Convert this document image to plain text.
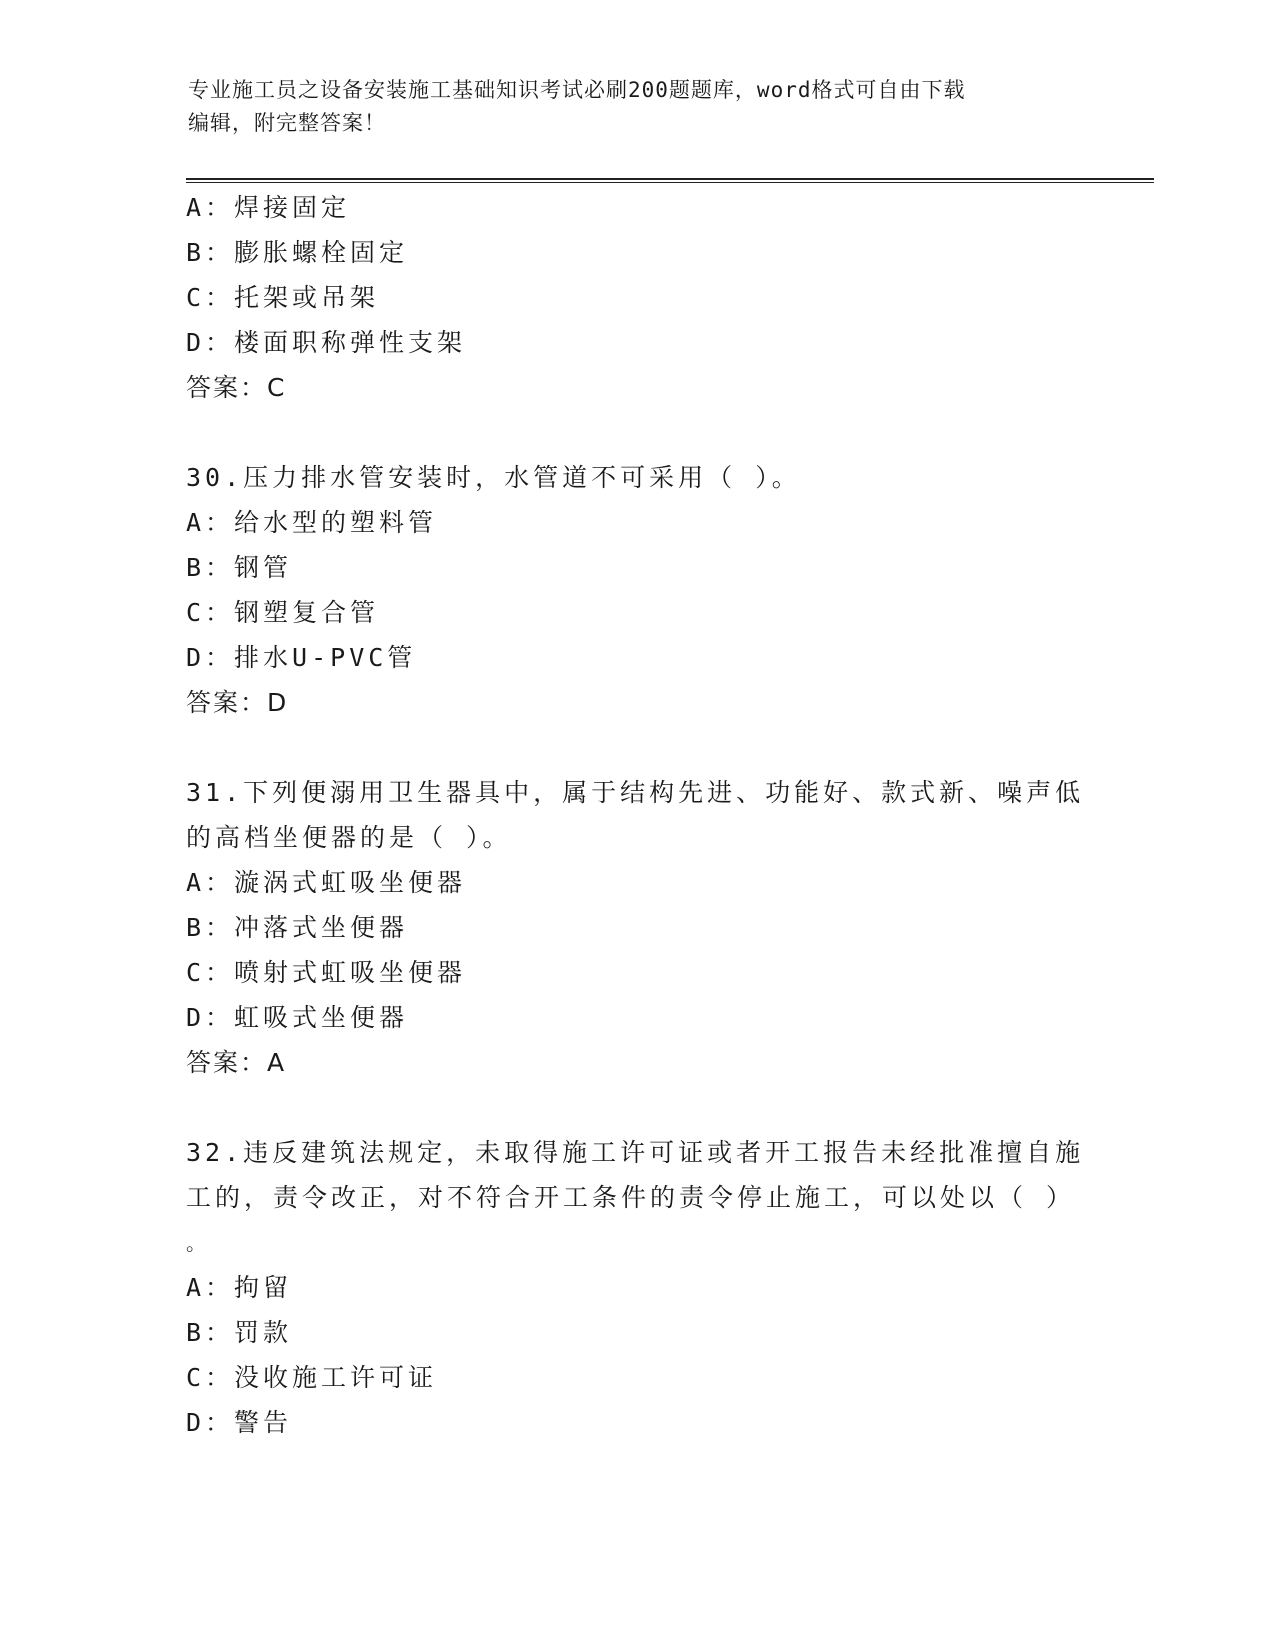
专业施工员之设备安装施工基础知识考试必刷200题题库，word格式可自由下载
编辑，附完整答案！
A：焊接固定
B：膨胀螺栓固定
C：托架或吊架
D：楼面职称弹性支架
答案：C
30.压力排水管安装时，水管道不可采用（ ）。
A：给水型的塑料管
B：钢管
C：钢塑复合管
D：排水U-PVC管
答案：D
31.下列便溺用卫生器具中，属于结构先进、功能好、款式新、噪声低
的高档坐便器的是（ ）。
A：漩涡式虹吸坐便器
B：冲落式坐便器
C：喷射式虹吸坐便器
D：虹吸式坐便器
答案：A
32.违反建筑法规定，未取得施工许可证或者开工报告未经批准擅自施
工的，责令改正，对不符合开工条件的责令停止施工，可以处以（ ）
。
A：拘留
B：罚款
C：没收施工许可证
D：警告
